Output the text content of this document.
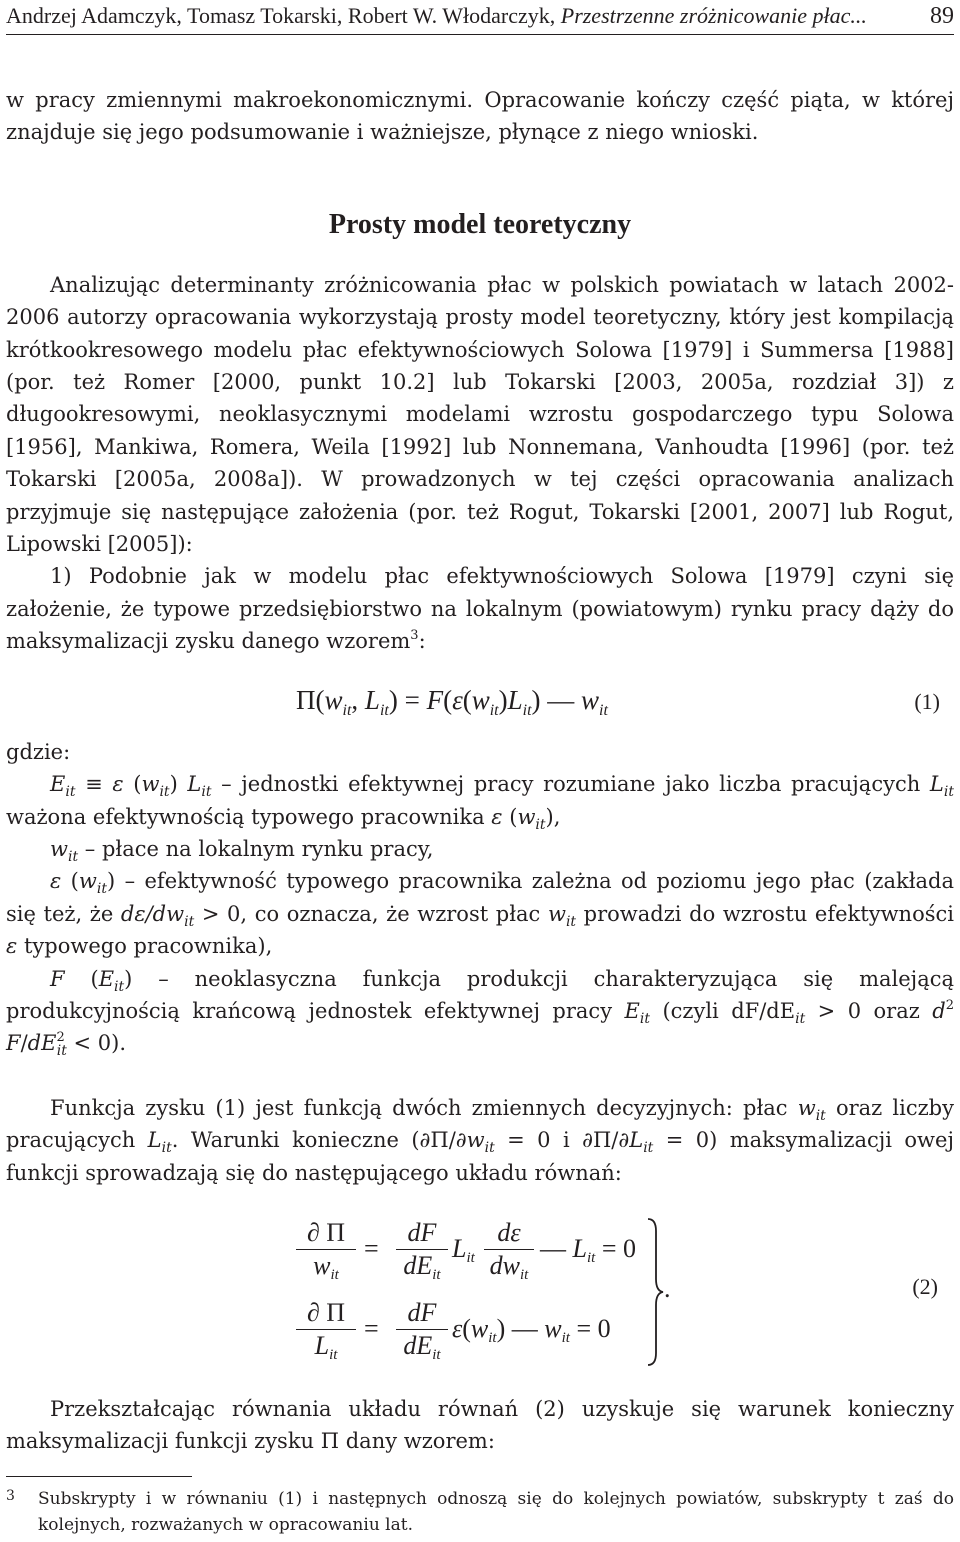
Andrzej Adamczyk, Tomasz Tokarski, Robert W. Włodarczyk, Przestrzenne zróżnicowanie płac...	89

w pracy zmiennymi makroekonomicznymi. Opracowanie kończy część piąta, w której znajduje się jego podsumowanie i ważniejsze, płynące z niego wnioski.

Prosty model teoretyczny

Analizując determinanty zróżnicowania płac w polskich powiatach w latach 2002-2006 autorzy opracowania wykorzystają prosty model teoretyczny, który jest kompilacją krótkookresowego modelu płac efektywnościowych Solowa [1979] i Summersa [1988] (por. też Romer [2000, punkt 10.2] lub Tokarski [2003, 2005a, rozdział 3]) z długookresowymi, neoklasycznymi modelami wzrostu gospodarczego typu Solowa [1956], Mankiwa, Romera, Weila [1992] lub Nonnemana, Vanhoudta [1996] (por. też Tokarski [2005a, 2008a]). W prowadzonych w tej części opracowania analizach przyjmuje się następujące założenia (por. też Rogut, Tokarski [2001, 2007] lub Rogut, Lipowski [2005]):

1) Podobnie jak w modelu płac efektywnościowych Solowa [1979] czyni się założenie, że typowe przedsiębiorstwo na lokalnym (powiatowym) rynku pracy dąży do maksymalizacji zysku danego wzorem$^3$:

$\Pi(w_{it}$, $L_{it}) = F(\varepsilon(w_{it})L_{it})$ — $w_{it}$	(1)

gdzie:

$E_{it} \equiv \varepsilon$ $(w_{it})$ $L_{it}$ – jednostki efektywnej pracy rozumiane jako liczba pracujących $L_{it}$ ważona efektywnością typowego pracownika ε $(w_{it})$,

$w_{it}$ – płace na lokalnym rynku pracy,

ε $(w_{it})$ – efektywność typowego pracownika zależna od poziomu jego płac (zakłada się też, że $d\varepsilon/dw_{it} > 0$, co oznacza, że wzrost płac $w_{it}$ prowadzi do wzrostu efektywności ε typowego pracownika),

F $(E_{it})$ – neoklasyczna funkcja produkcji charakteryzująca się malejącą produkcyjnością krańcową jednostek efektywnej pracy $E_{it}$ (czyli $dF/dE_{it} > 0$ oraz $d^2$ $F/dE^2_{it} < 0$).

Funkcja zysku (1) jest funkcją dwóch zmiennych decyzyjnych: płac $w_{it}$ oraz liczby pracujących $L_{it}$. Warunki konieczne ($\partial\Pi/\partial w_{it} = 0$ i $\partial\Pi/\partial L_{it} = 0$) maksymalizacji owej funkcji sprowadzają się do następującego układu równań:

∂ Π
wit
=
dF
dEit
Lit
dε
dwit
— Lit = 0
∂ Π
Lit
=
dF
dEit
ε(wit) — wit = 0
.	(2)

Przekształcając równania układu równań (2) uzyskuje się warunek konieczny maksymalizacji funkcji zysku Π dany wzorem:

3 Subskrypty i w równaniu (1) i następnych odnoszą się do kolejnych powiatów, subskrypty t zaś do kolejnych, rozważanych w opracowaniu lat.
